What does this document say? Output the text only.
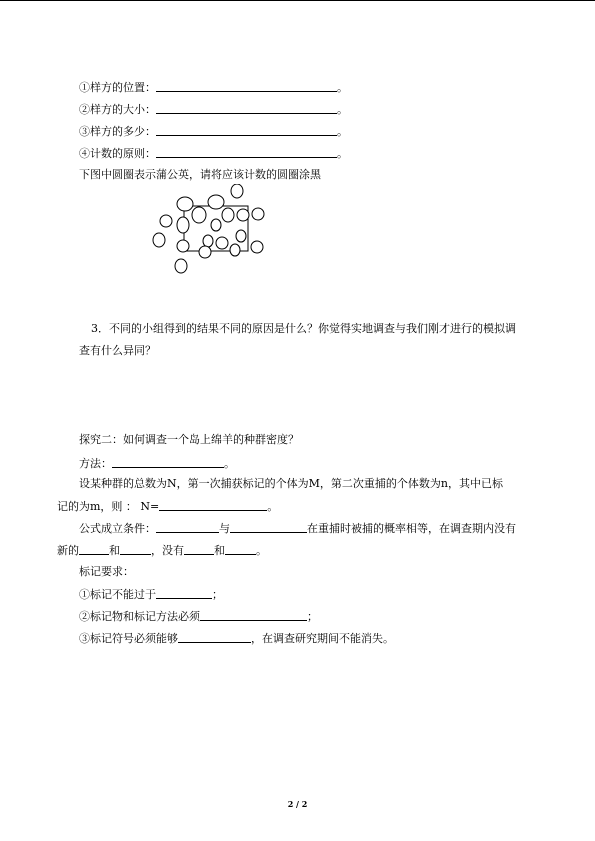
①样方的位置：	。
②样方的大小：	。
③样方的多少：	。
④计数的原则：	。
下图中圆圈表示蒲公英，请将应该计数的圆圈涂黑
3．不同的小组得到的结果不同的原因是什么？你觉得实地调查与我们刚才进行的模拟调
查有什么异同？
探究二：如何调查一个岛上绵羊的种群密度？
方法：	。
设某种群的总数为N，第一次捕获标记的个体为M，第二次重捕的个体数为n，其中已标
记的为m，则 ： N=	。
公式成立条件：	与	在重捕时被捕的概率相等，在调查期内没有
新的	和	，没有	和	。
标记要求：
①标记不能过于	；
②标记物和标记方法必须	；
③标记符号必须能够	，在调查研究期间不能消失。
2 / 2
